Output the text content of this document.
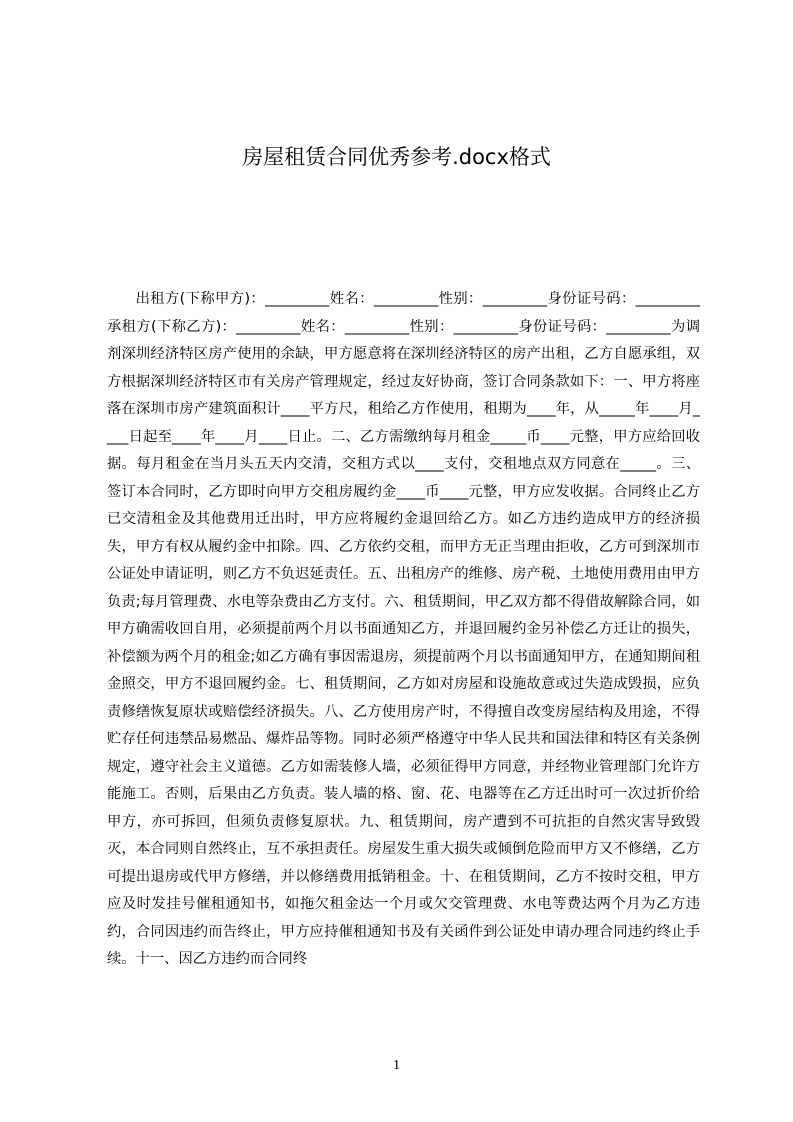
房屋租赁合同优秀参考.docx格式

出租方(下称甲方)：_________姓名：_________性别：_________身份证号码：_________承租方(下称乙方)：_________姓名：_________性别：_________身份证号码：_________为调剂深圳经济特区房产使用的余缺，甲方愿意将在深圳经济特区的房产出租，乙方自愿承组，双方根据深圳经济特区市有关房产管理规定，经过友好协商，签订合同条款如下：一、甲方将座落在深圳市房产建筑面积计____平方尺，租给乙方作使用，租期为____年，从_____年____月____日起至____年____月____日止。二、乙方需缴纳每月租金_____币____元整，甲方应给回收据。每月租金在当月头五天内交清，交租方式以____支付，交租地点双方同意在_____。三、签订本合同时，乙方即时向甲方交租房履约金____币____元整，甲方应发收据。合同终止乙方已交清租金及其他费用迁出时，甲方应将履约金退回给乙方。如乙方违约造成甲方的经济损失，甲方有权从履约金中扣除。四、乙方依约交租，而甲方无正当理由拒收，乙方可到深圳市公证处申请证明，则乙方不负迟延责任。五、出租房产的维修、房产税、土地使用费用由甲方负责;每月管理费、水电等杂费由乙方支付。六、租赁期间，甲乙双方都不得借故解除合同，如甲方确需收回自用，必须提前两个月以书面通知乙方，并退回履约金另补偿乙方迁让的损失，补偿额为两个月的租金;如乙方确有事因需退房，须提前两个月以书面通知甲方，在通知期间租金照交，甲方不退回履约金。七、租赁期间，乙方如对房屋和设施故意或过失造成毁损，应负责修缮恢复原状或赔偿经济损失。八、乙方使用房产时，不得擅自改变房屋结构及用途，不得贮存任何违禁品易燃品、爆炸品等物。同时必须严格遵守中华人民共和国法律和特区有关条例规定，遵守社会主义道德。乙方如需装修人墙，必须征得甲方同意，并经物业管理部门允许方能施工。否则，后果由乙方负责。装人墙的格、窗、花、电器等在乙方迁出时可一次过折价给甲方，亦可拆回，但须负责修复原状。九、租赁期间，房产遭到不可抗拒的自然灾害导致毁灭，本合同则自然终止，互不承担责任。房屋发生重大损失或倾倒危险而甲方又不修缮，乙方可提出退房或代甲方修缮，并以修缮费用抵销租金。十、在租赁期间，乙方不按时交租，甲方应及时发挂号催租通知书，如拖欠租金达一个月或欠交管理费、水电等费达两个月为乙方违约，合同因违约而告终止，甲方应持催租通知书及有关函件到公证处申请办理合同违约终止手续。十一、因乙方违约而合同终

1
